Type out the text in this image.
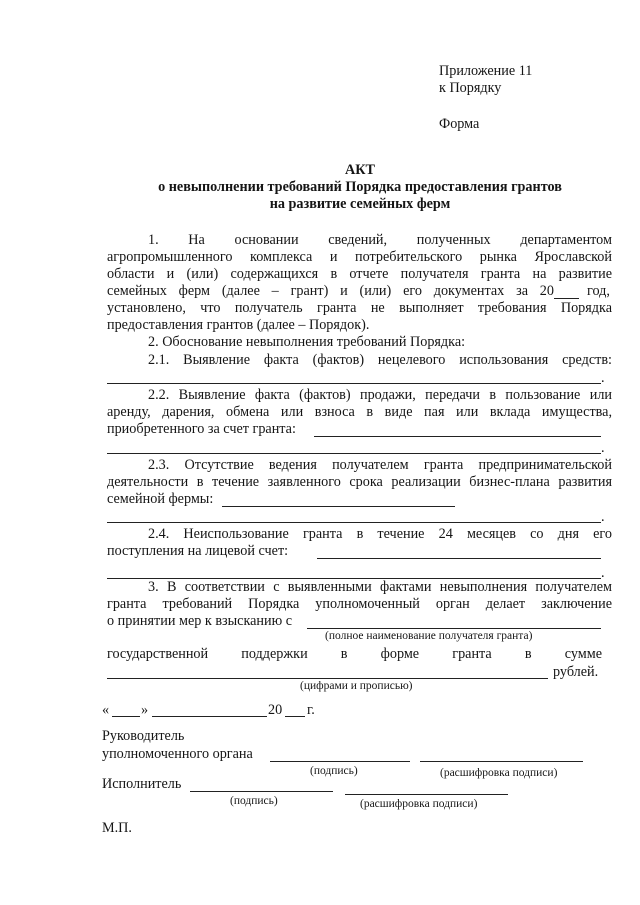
Приложение 11
к Порядку
Форма
АКТ
о невыполнении требований Порядка предоставления грантов
на развитие семейных ферм
1. На основании сведений, полученных департаментом
агропромышленного комплекса и потребительского рынка Ярославской
области и (или) содержащихся в отчете получателя гранта на развитие
семейных ферм (далее – грант) и (или) его документах за 20 год,
установлено, что получатель гранта не выполняет требования Порядка
предоставления грантов (далее – Порядок).
2. Обоснование невыполнения требований Порядка:
2.1. Выявление факта (фактов) нецелевого использования средств:
.
2.2. Выявление факта (фактов) продажи, передачи в пользование или
аренду, дарения, обмена или взноса в виде пая или вклада имущества,
приобретенного за счет гранта:
.
2.3. Отсутствие ведения получателем гранта предпринимательской
деятельности в течение заявленного срока реализации бизнес-плана развития
семейной фермы:
.
2.4. Неиспользование гранта в течение 24 месяцев со дня его
поступления на лицевой счет:
.
3. В соответствии с выявленными фактами невыполнения получателем
гранта требований Порядка уполномоченный орган делает заключение
о принятии мер к взысканию с
(полное наименование получателя гранта)
государственной поддержки в форме гранта в сумме
рублей.
(цифрами и прописью)
« »	20 г.
Руководитель
уполномоченного органа
(подпись)	(расшифровка подписи)
Исполнитель
(подпись)	(расшифровка подписи)
М.П.
